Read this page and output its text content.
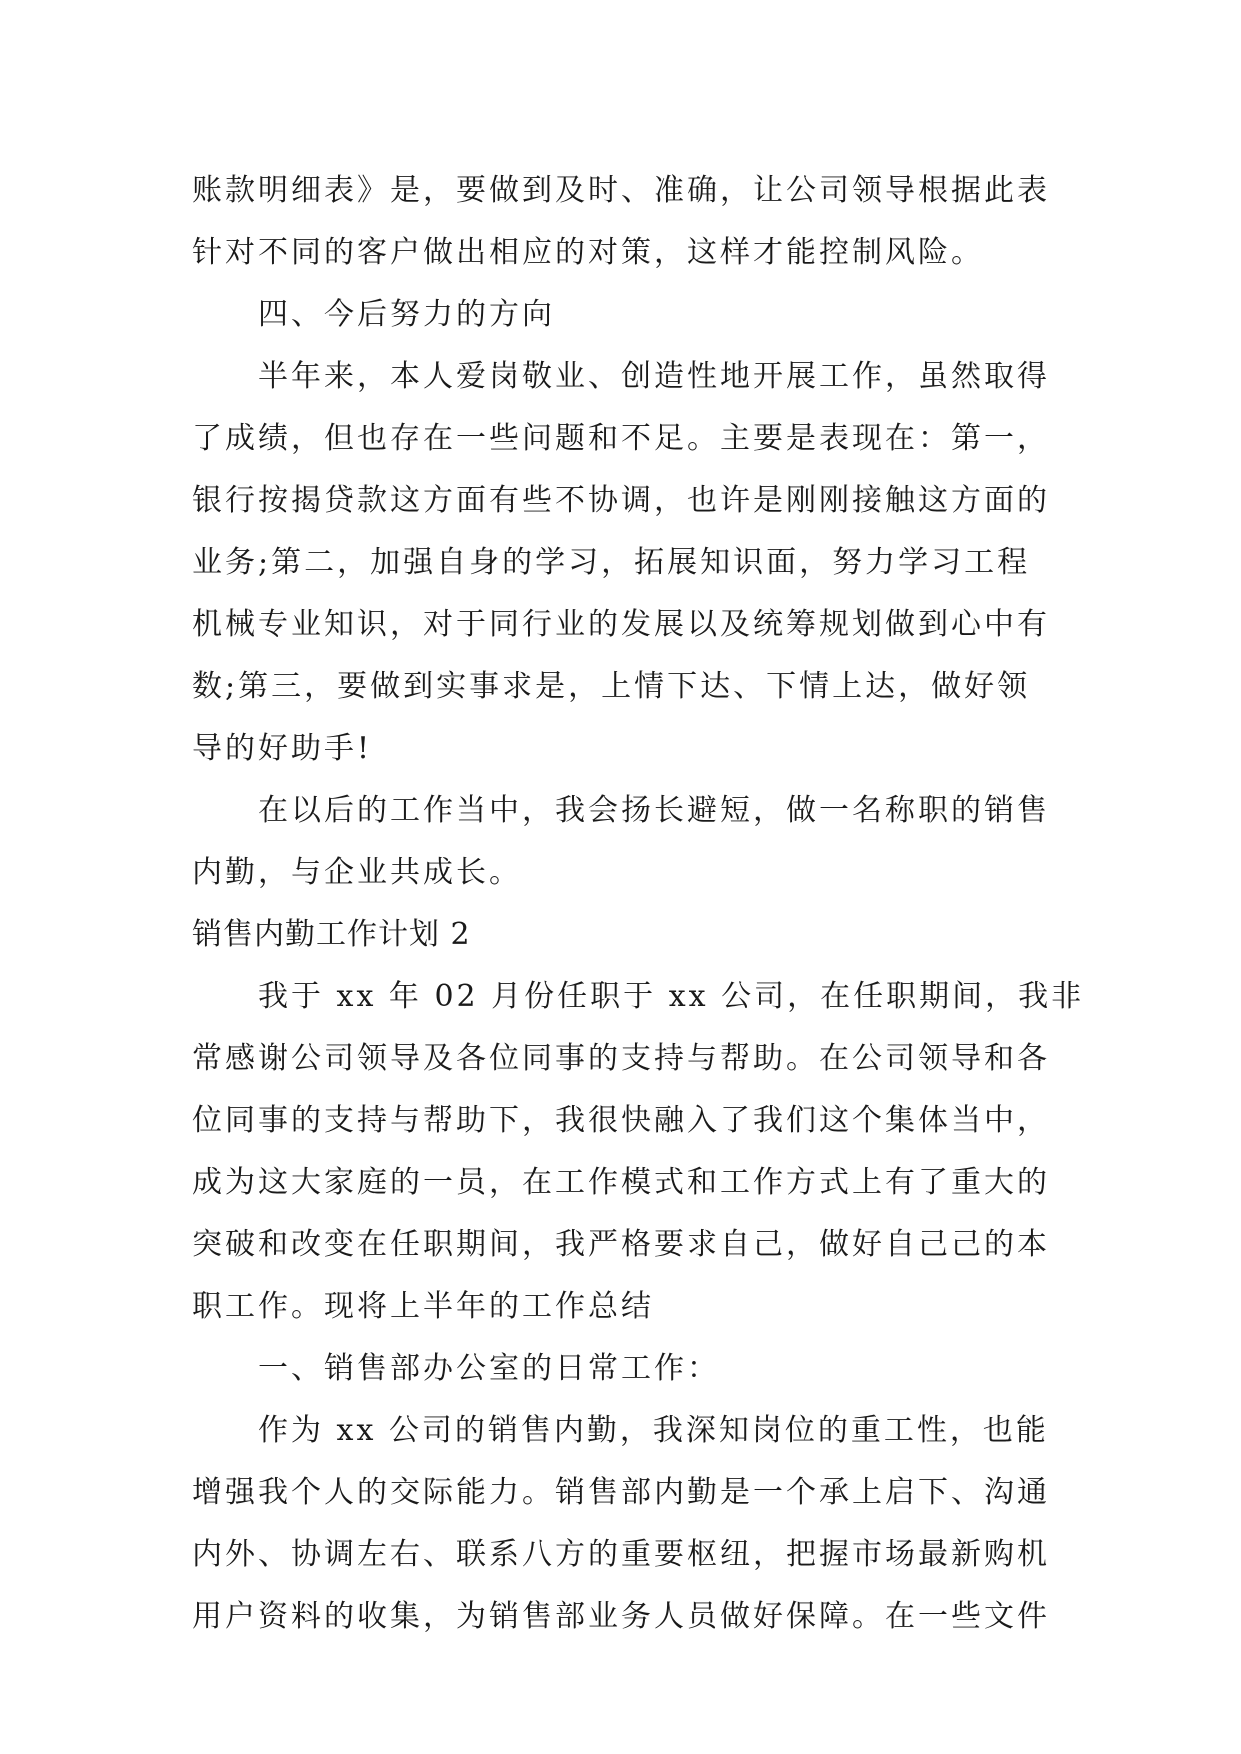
账款明细表》是，要做到及时、准确，让公司领导根据此表
针对不同的客户做出相应的对策，这样才能控制风险。
四、今后努力的方向
半年来，本人爱岗敬业、创造性地开展工作，虽然取得
了成绩，但也存在一些问题和不足。主要是表现在：第一，
银行按揭贷款这方面有些不协调，也许是刚刚接触这方面的
业务;第二，加强自身的学习，拓展知识面，努力学习工程
机械专业知识，对于同行业的发展以及统筹规划做到心中有
数;第三，要做到实事求是，上情下达、下情上达，做好领
导的好助手!
在以后的工作当中，我会扬长避短，做一名称职的销售
内勤，与企业共成长。
销售内勤工作计划 2
我于 xx 年 02 月份任职于 xx 公司，在任职期间，我非
常感谢公司领导及各位同事的支持与帮助。在公司领导和各
位同事的支持与帮助下，我很快融入了我们这个集体当中，
成为这大家庭的一员，在工作模式和工作方式上有了重大的
突破和改变在任职期间，我严格要求自己，做好自己己的本
职工作。现将上半年的工作总结
一、销售部办公室的日常工作：
作为 xx 公司的销售内勤，我深知岗位的重工性，也能
增强我个人的交际能力。销售部内勤是一个承上启下、沟通
内外、协调左右、联系八方的重要枢纽，把握市场最新购机
用户资料的收集，为销售部业务人员做好保障。在一些文件
